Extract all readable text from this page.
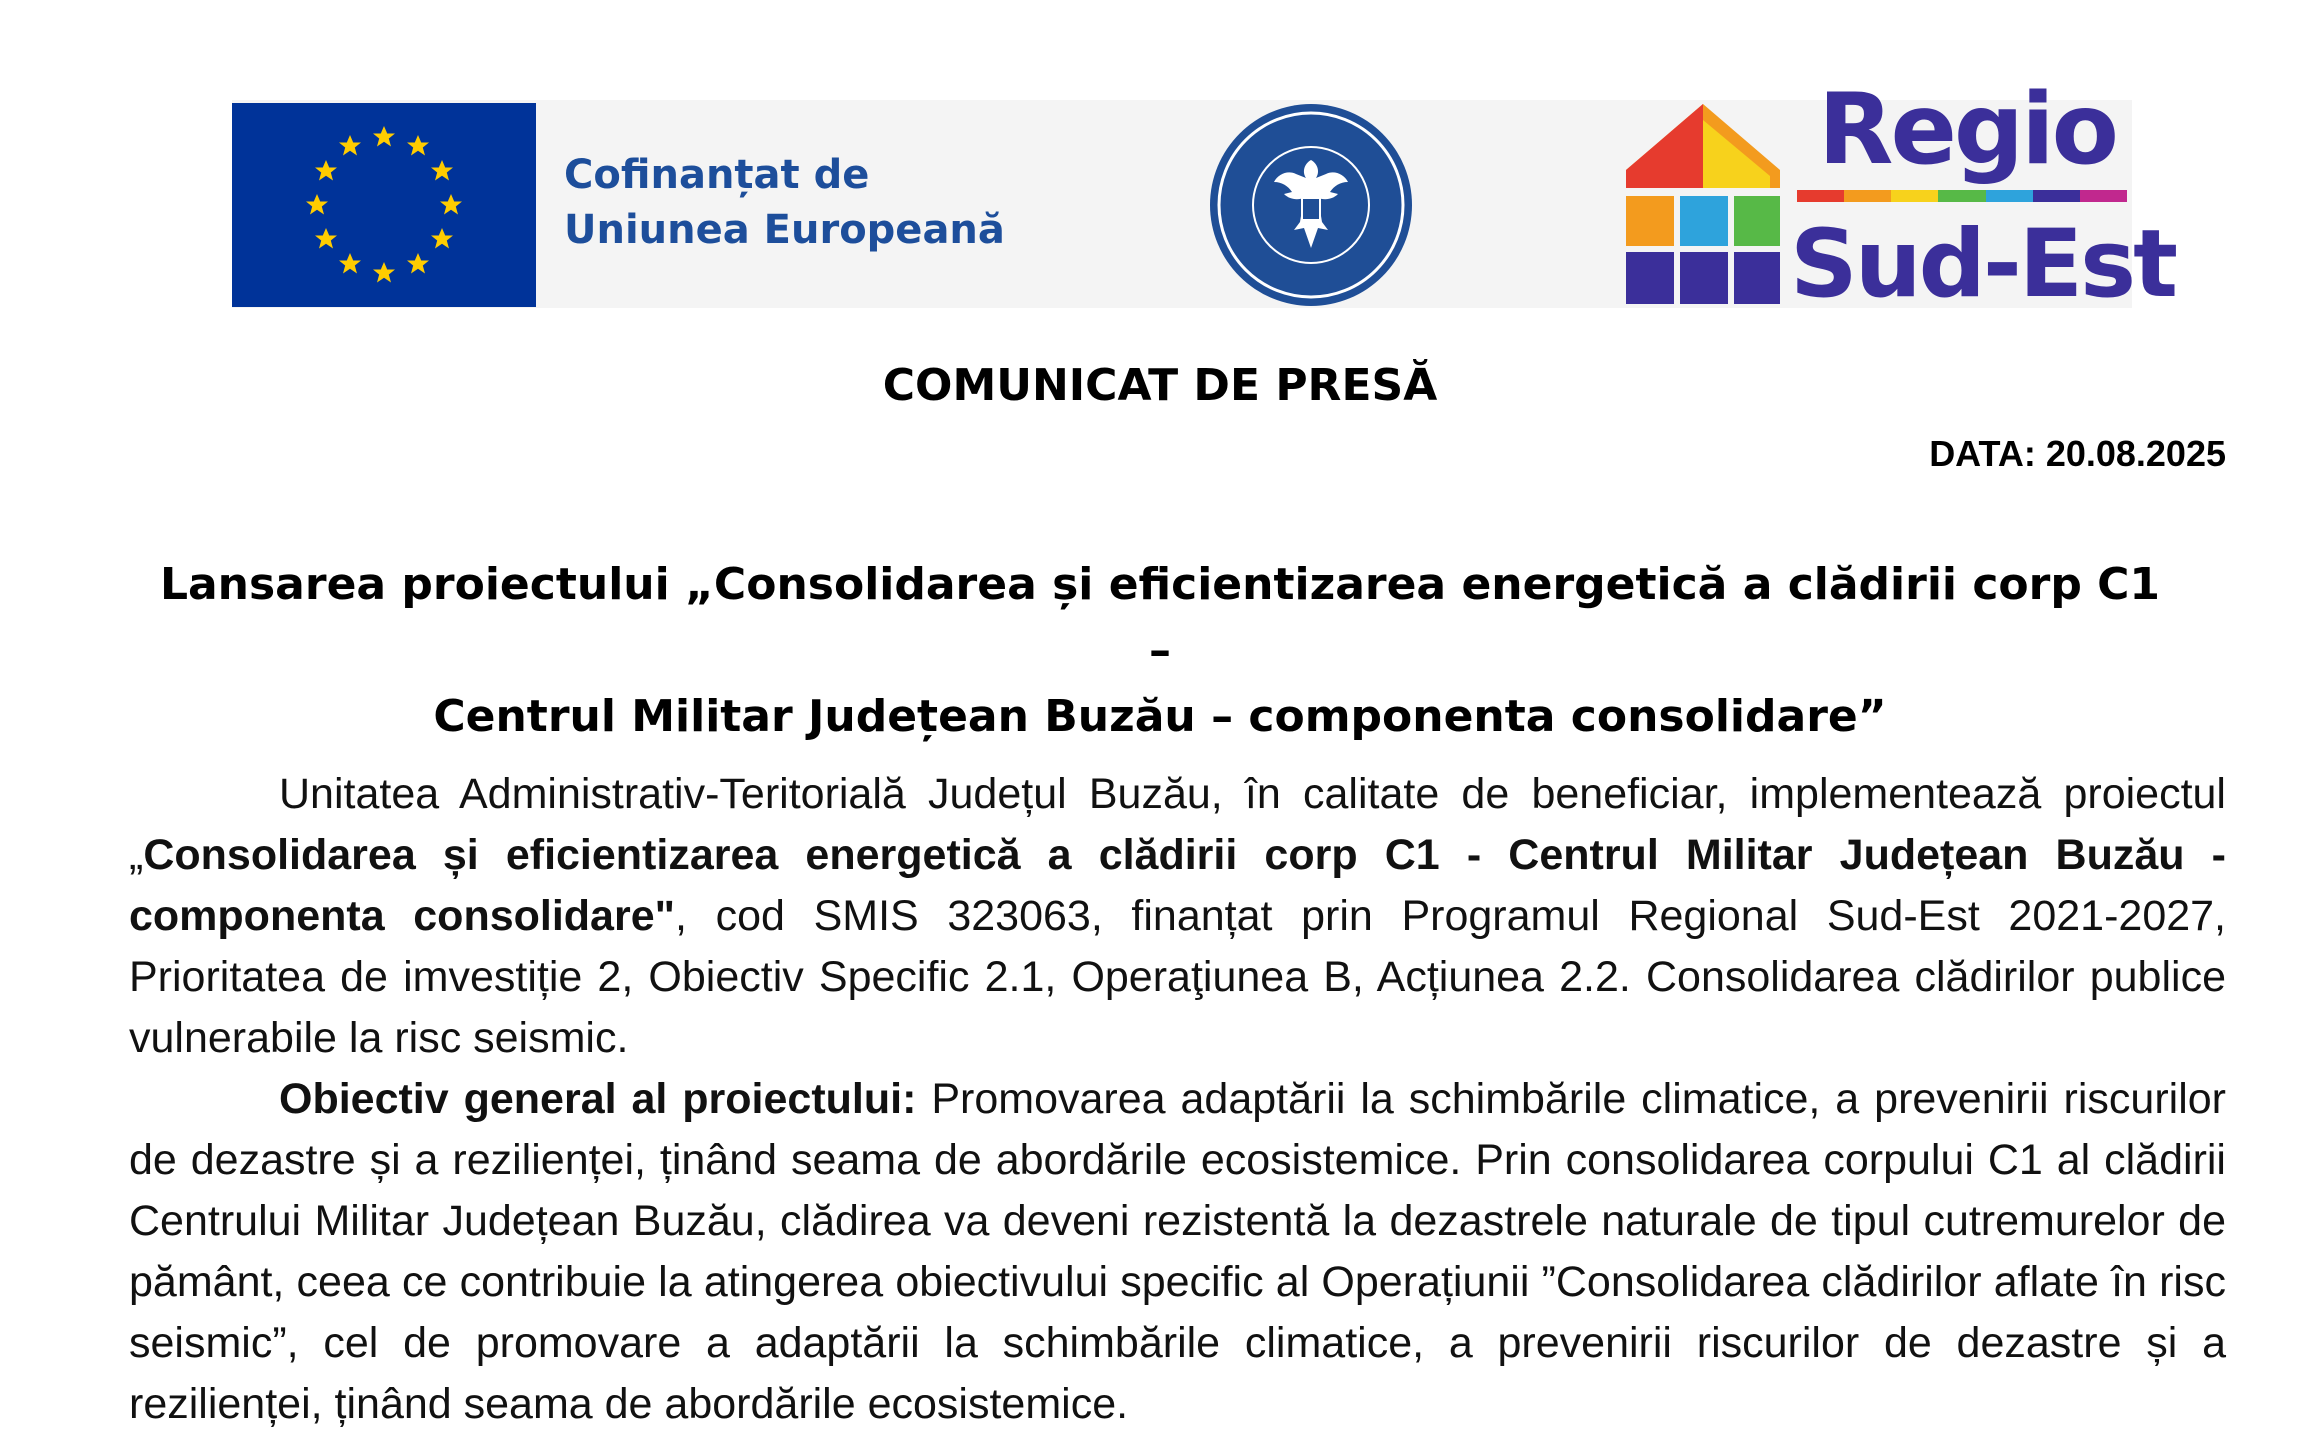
Cofinanțat de
Uniunea Europeană
Regio
Sud-Est
COMUNICAT DE PRESĂ
DATA: 20.08.2025
Lansarea proiectului „Consolidarea și eficientizarea energetică a clădirii corp C1 –
Centrul Militar Județean Buzău – componenta consolidare”

Unitatea Administrativ-Teritorială Județul Buzău, în calitate de beneficiar, implementează proiectul „Consolidarea și eficientizarea energetică a clădirii corp C1 - Centrul Militar Județean Buzău - componenta consolidare", cod SMIS 323063, finanțat prin Programul Regional Sud-Est 2021-2027, Prioritatea de imvestiție 2, Obiectiv Specific 2.1, Operaţiunea B, Acțiunea 2.2. Consolidarea clădirilor publice vulnerabile la risc seismic.

Obiectiv general al proiectului: Promovarea adaptării la schimbările climatice, a prevenirii riscurilor de dezastre și a rezilienței, ținând seama de abordările ecosistemice. Prin consolidarea corpului C1 al clădirii Centrului Militar Județean Buzău, clădirea va deveni rezistentă la dezastrele naturale de tipul cutremurelor de pământ, ceea ce contribuie la atingerea obiectivului specific al Operațiunii ”Consolidarea clădirilor aflate în risc seismic”, cel de promovare a adaptării la schimbările climatice, a prevenirii riscurilor de dezastre și a rezilienței, ținând seama de abordările ecosistemice.
